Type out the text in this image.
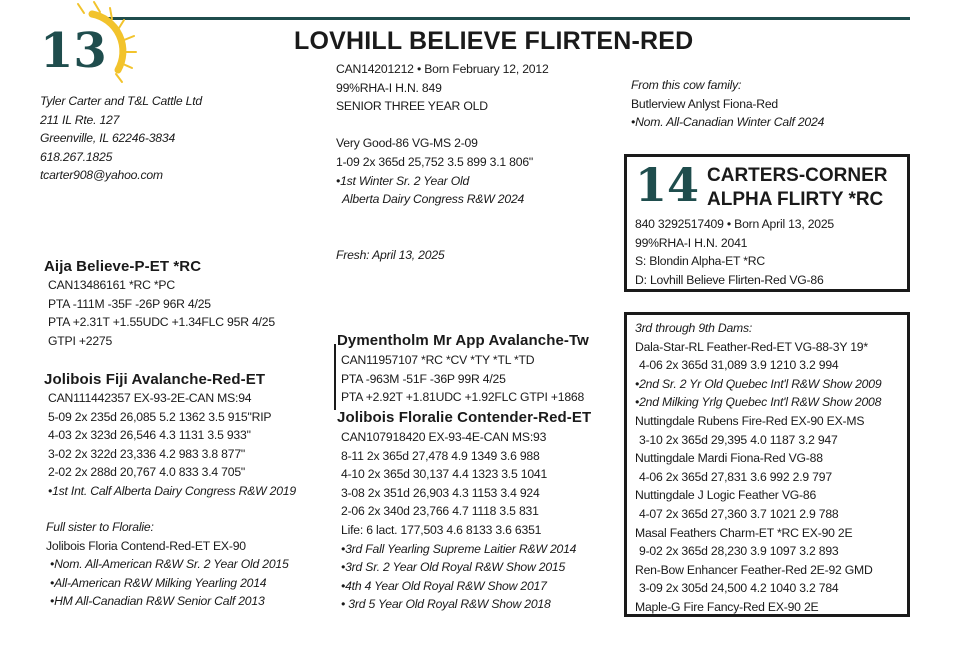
13	LOVHILL BELIEVE FLIRTEN-RED
Tyler Carter and T&L Cattle Ltd
211 IL Rte. 127
Greenville, IL 62246-3834
618.267.1825
tcarter908@yahoo.com
CAN14201212 • Born February 12, 2012
99%RHA-I H.N. 849
SENIOR THREE YEAR OLD

Very Good-86 VG-MS 2-09
1-09 2x 365d 25,752 3.5 899 3.1 806"
•1st Winter Sr. 2 Year Old
Alberta Dairy Congress R&W 2024

Fresh: April 13, 2025
From this cow family:
Butlerview Anlyst Fiona-Red
•Nom. All-Canadian Winter Calf 2024
14 CARTERS-CORNER
ALPHA FLIRTY *RC
840 3292517409 • Born April 13, 2025
99%RHA-I H.N. 2041
S: Blondin Alpha-ET *RC
D: Lovhill Believe Flirten-Red VG-86
Aija Believe-P-ET *RC
CAN13486161 *RC *PC
PTA -111M -35F -26P 96R 4/25
PTA +2.31T +1.55UDC +1.34FLC 95R 4/25
GTPI +2275
Jolibois Fiji Avalanche-Red-ET
CAN111442357 EX-93-2E-CAN MS:94
5-09 2x 235d 26,085 5.2 1362 3.5 915"RIP
4-03 2x 323d 26,546 4.3 1131 3.5 933"
3-02 2x 322d 23,336 4.2 983 3.8 877"
2-02 2x 288d 20,767 4.0 833 3.4 705"
•1st Int. Calf Alberta Dairy Congress R&W 2019
Full sister to Floralie:
Jolibois Floria Contend-Red-ET EX-90
•Nom. All-American R&W Sr. 2 Year Old 2015
•All-American R&W Milking Yearling 2014
•HM All-Canadian R&W Senior Calf 2013
Dymentholm Mr App Avalanche-Tw
CAN11957107 *RC *CV *TY *TL *TD
PTA -963M -51F -36P 99R 4/25
PTA +2.92T +1.81UDC +1.92FLC GTPI +1868
Jolibois Floralie Contender-Red-ET
CAN107918420 EX-93-4E-CAN MS:93
8-11 2x 365d 27,478 4.9 1349 3.6 988
4-10 2x 365d 30,137 4.4 1323 3.5 1041
3-08 2x 351d 26,903 4.3 1153 3.4 924
2-06 2x 340d 23,766 4.7 1118 3.5 831
Life: 6 lact. 177,503 4.6 8133 3.6 6351
•3rd Fall Yearling Supreme Laitier R&W 2014
•3rd Sr. 2 Year Old Royal R&W Show 2015
•4th 4 Year Old Royal R&W Show 2017
• 3rd 5 Year Old Royal R&W Show 2018
3rd through 9th Dams:
Dala-Star-RL Feather-Red-ET VG-88-3Y 19*
4-06 2x 365d 31,089 3.9 1210 3.2 994
•2nd Sr. 2 Yr Old Quebec Int'l R&W Show 2009
•2nd Milking Yrlg Quebec Int'l R&W Show 2008
Nuttingdale Rubens Fire-Red EX-90 EX-MS
3-10 2x 365d 29,395 4.0 1187 3.2 947
Nuttingdale Mardi Fiona-Red VG-88
4-06 2x 365d 27,831 3.6 992 2.9 797
Nuttingdale J Logic Feather VG-86
4-07 2x 365d 27,360 3.7 1021 2.9 788
Masal Feathers Charm-ET *RC EX-90 2E
9-02 2x 365d 28,230 3.9 1097 3.2 893
Ren-Bow Enhancer Feather-Red 2E-92 GMD
3-09 2x 305d 24,500 4.2 1040 3.2 784
Maple-G Fire Fancy-Red EX-90 2E
